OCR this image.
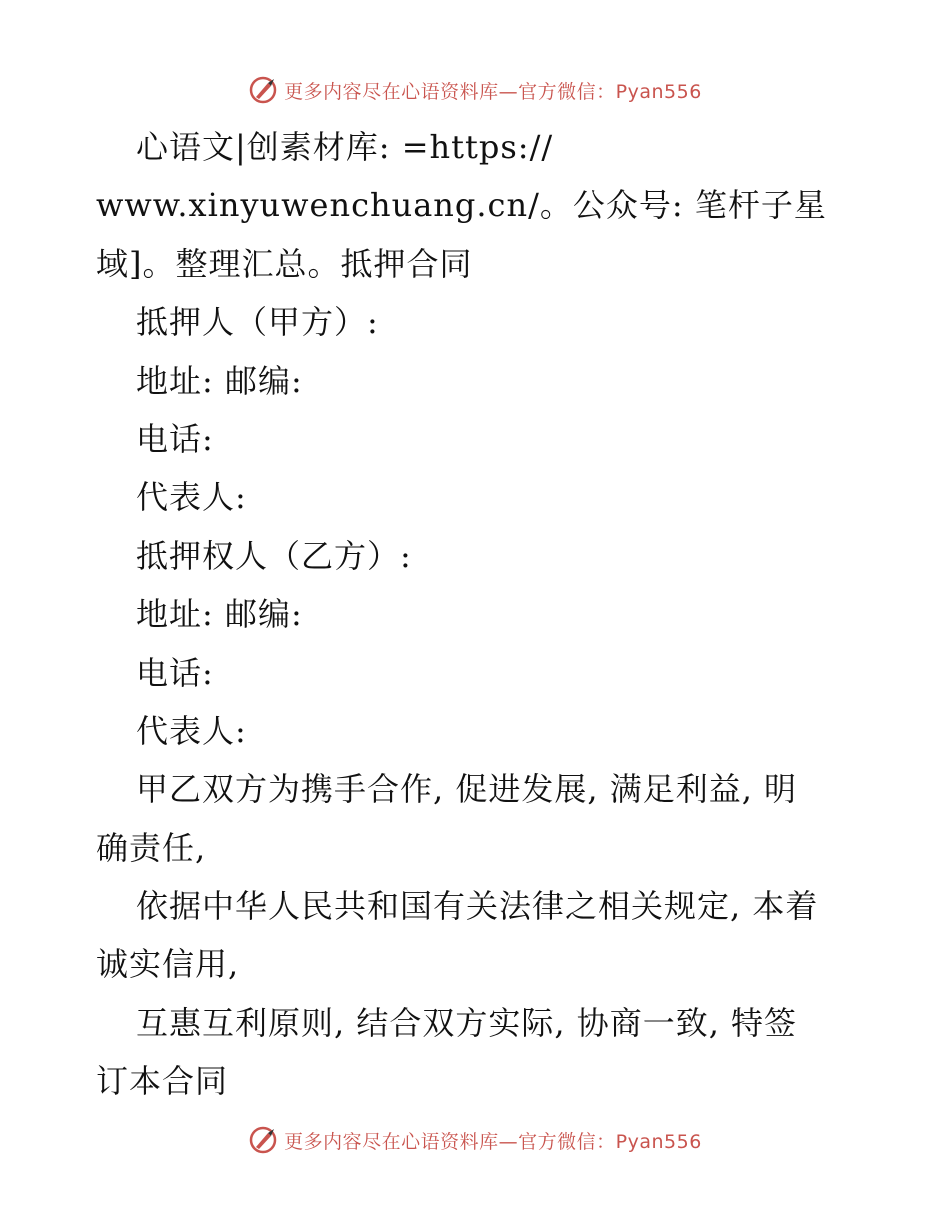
更多内容尽在心语资料库—官方微信：Pyan556
心语文|创素材库: =https://
www.xinyuwenchuang.cn/。公众号: 笔杆子星
域]。整理汇总。抵押合同
抵押人（甲方）:
地址: 邮编:
电话:
代表人:
抵押权人（乙方）:
地址: 邮编:
电话:
代表人:
甲乙双方为携手合作, 促进发展, 满足利益, 明
确责任,
依据中华人民共和国有关法律之相关规定, 本着
诚实信用,
互惠互利原则, 结合双方实际, 协商一致, 特签
订本合同
更多内容尽在心语资料库—官方微信：Pyan556
